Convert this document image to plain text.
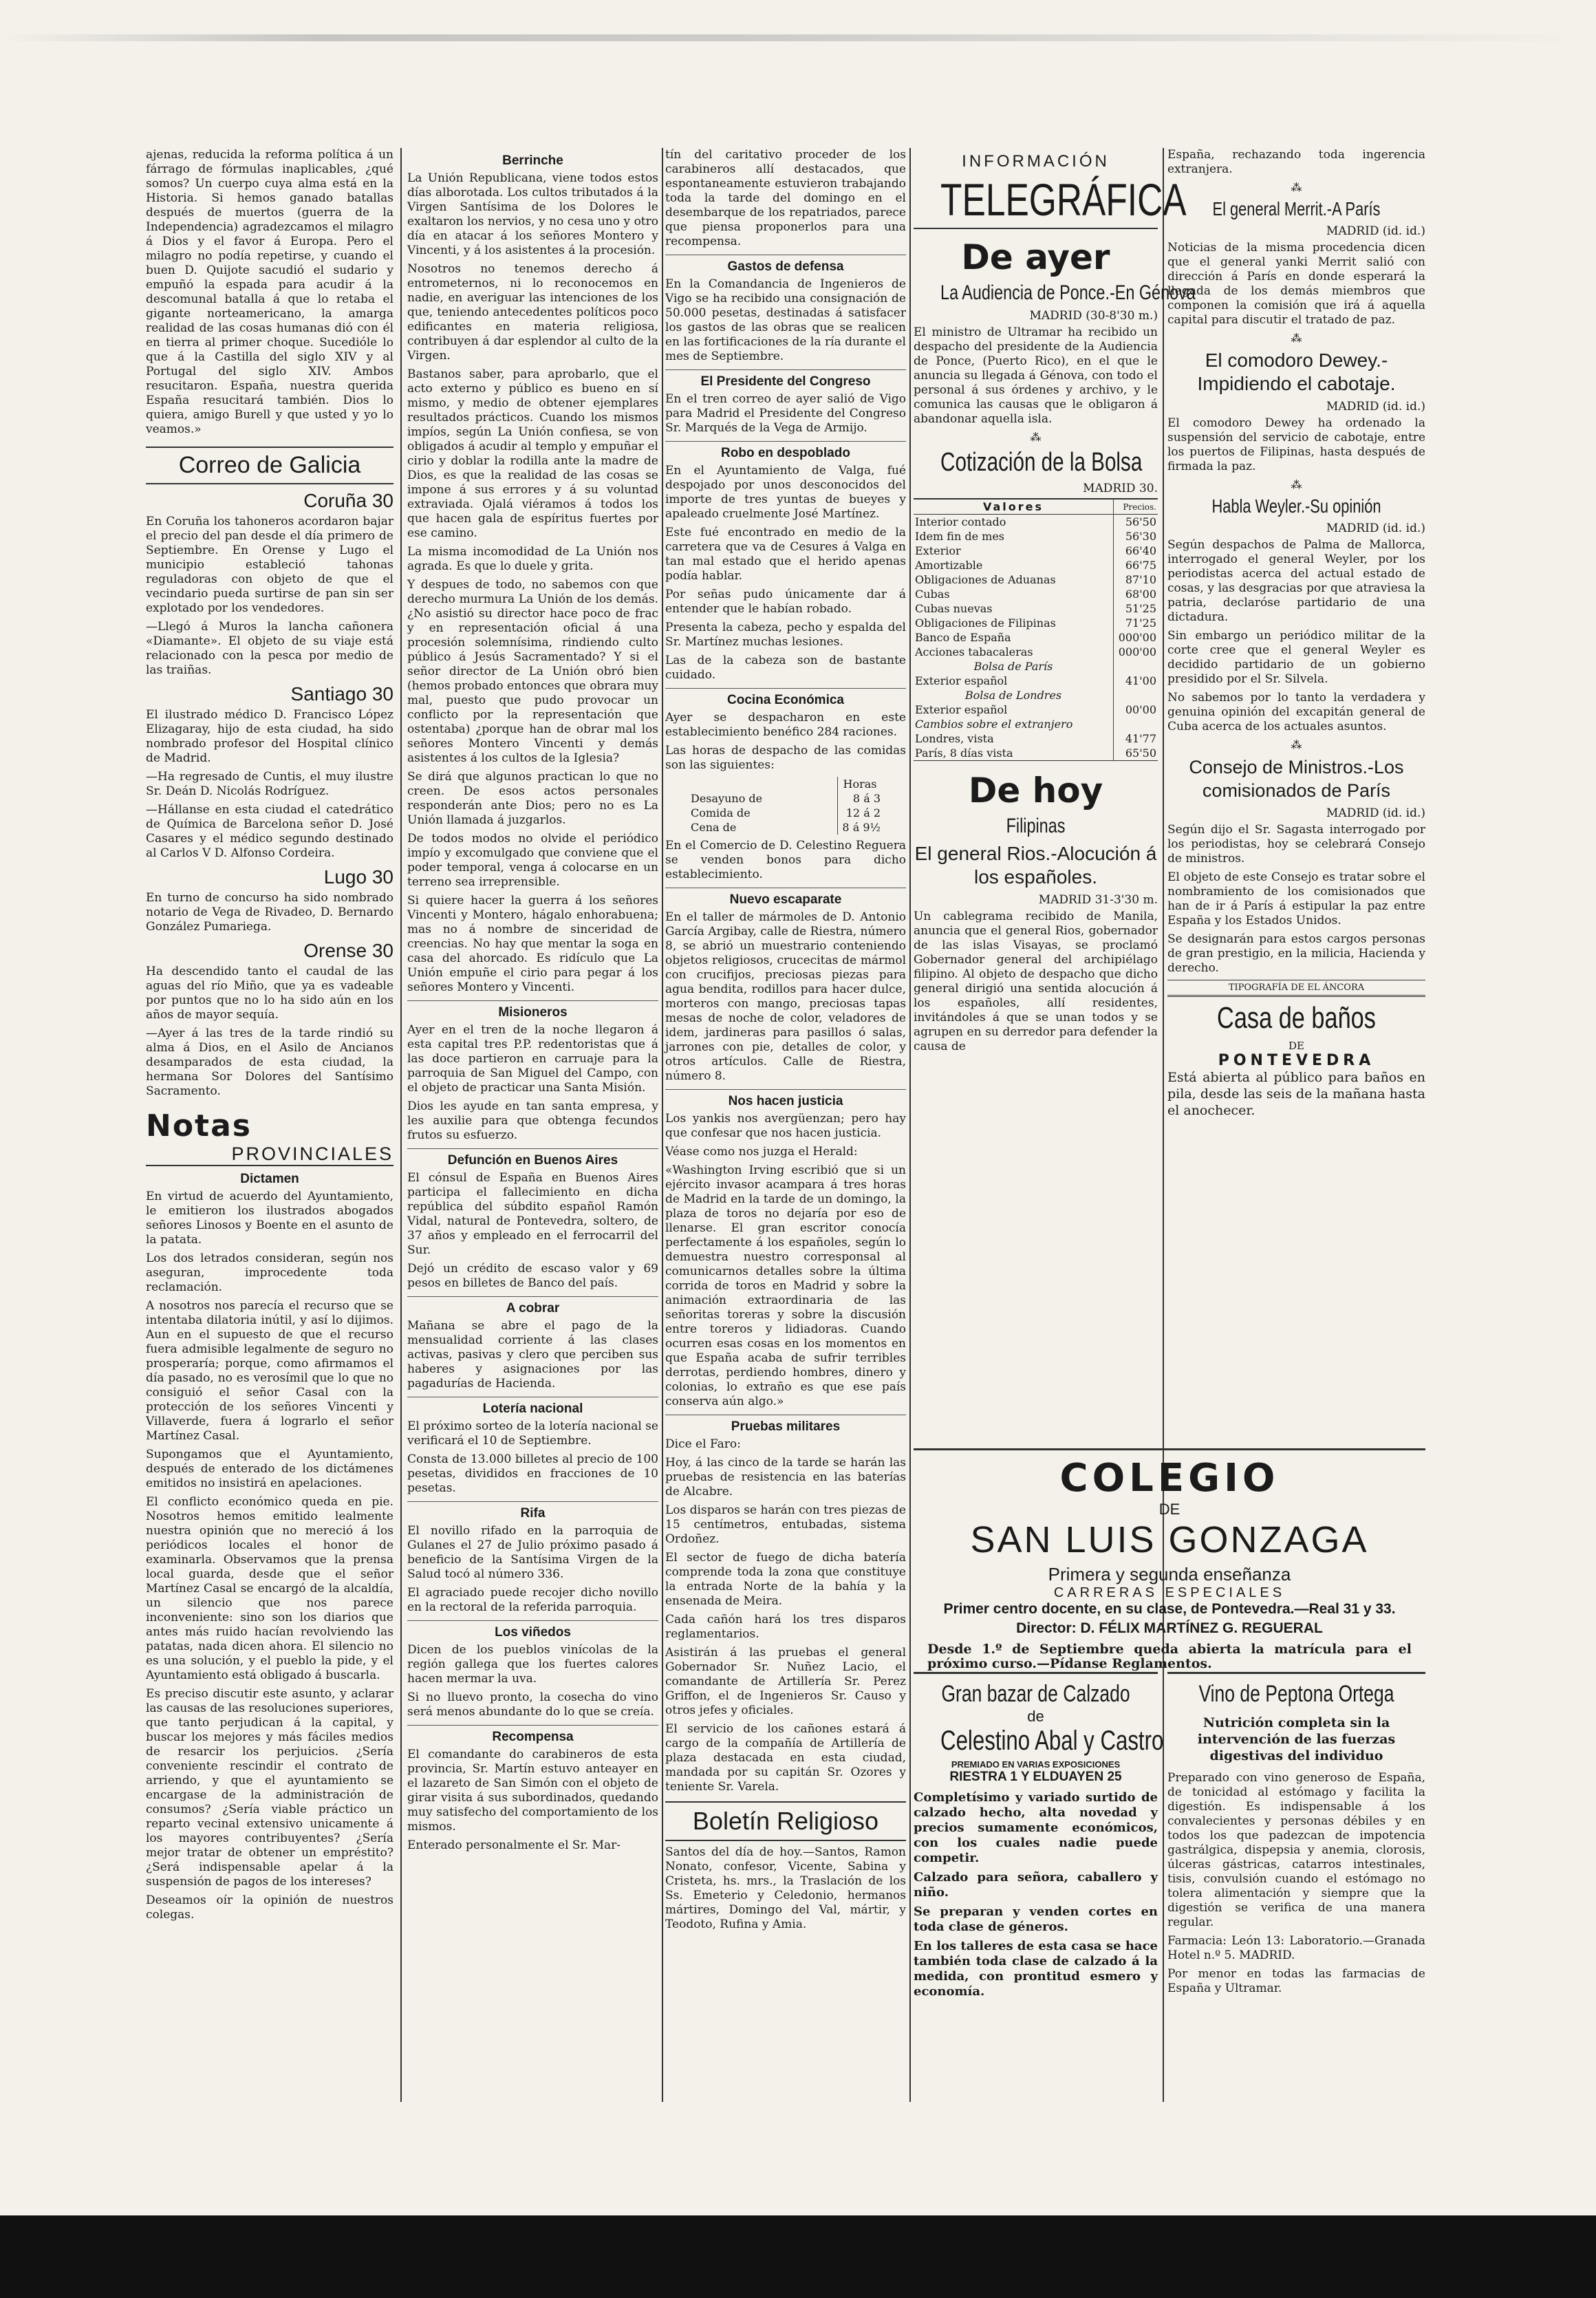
ajenas, reducida la reforma política á un fárrago de fórmulas inaplicables, ¿qué somos? Un cuerpo cuya alma está en la Historia. Si hemos ganado batallas después de muertos (guerra de la Independencia) agradezcamos el milagro á Dios y el favor á Europa. Pero el milagro no podía repetirse, y cuando el buen D. Quijote sacudió el sudario y empuñó la espada para acudir á la descomunal batalla á que lo retaba el gigante norteamericano, la amarga realidad de las cosas humanas dió con él en tierra al primer choque. Sucedióle lo que á la Castilla del siglo XIV y al Portugal del siglo XIV. Ambos resucitaron. España, nuestra querida España resucitará también. Dios lo quiera, amigo Burell y que usted y yo lo veamos.»

Correo de Galicia
Coruña 30

En Coruña los tahoneros acordaron bajar el precio del pan desde el día primero de Septiembre. En Orense y Lugo el municipio estableció tahonas reguladoras con objeto de que el vecindario pueda surtirse de pan sin ser explotado por los vendedores.

—Llegó á Muros la lancha cañonera «Diamante». El objeto de su viaje está relacionado con la pesca por medio de las traiñas.

Santiago 30

El ilustrado médico D. Francisco López Elizagaray, hijo de esta ciudad, ha sido nombrado profesor del Hospital clínico de Madrid.

—Ha regresado de Cuntis, el muy ilustre Sr. Deán D. Nicolás Rodríguez.

—Hállanse en esta ciudad el catedrático de Química de Barcelona señor D. José Casares y el médico segundo destinado al Carlos V D. Alfonso Cordeira.

Lugo 30

En turno de concurso ha sido nombrado notario de Vega de Rivadeo, D. Bernardo González Pumariega.

Orense 30

Ha descendido tanto el caudal de las aguas del río Miño, que ya es vadeable por puntos que no lo ha sido aún en los años de mayor sequía.

—Ayer á las tres de la tarde rindió su alma á Dios, en el Asilo de Ancianos desamparados de esta ciudad, la hermana Sor Dolores del Santísimo Sacramento.

Notas
PROVINCIALES
Dictamen

En virtud de acuerdo del Ayuntamiento, le emitieron los ilustrados abogados señores Linosos y Boente en el asunto de la patata.

Los dos letrados consideran, según nos aseguran, improcedente toda reclamación.

A nosotros nos parecía el recurso que se intentaba dilatoria inútil, y así lo dijimos. Aun en el supuesto de que el recurso fuera admisible legalmente de seguro no prosperaría; porque, como afirmamos el día pasado, no es verosímil que lo que no consiguió el señor Casal con la protección de los señores Vincenti y Villaverde, fuera á lograrlo el señor Martínez Casal.

Supongamos que el Ayuntamiento, después de enterado de los dictámenes emitidos no insistirá en apelaciones.

El conflicto económico queda en pie. Nosotros hemos emitido lealmente nuestra opinión que no mereció á los periódicos locales el honor de examinarla. Observamos que la prensa local guarda, desde que el señor Martínez Casal se encargó de la alcaldía, un silencio que nos parece inconveniente: sino son los diarios que antes más ruido hacían revolviendo las patatas, nada dicen ahora. El silencio no es una solución, y el pueblo la pide, y el Ayuntamiento está obligado á buscarla.

Es preciso discutir este asunto, y aclarar las causas de las resoluciones superiores, que tanto perjudican á la capital, y buscar los mejores y más fáciles medios de resarcir los perjuicios. ¿Sería conveniente rescindir el contrato de arriendo, y que el ayuntamiento se encargase de la administración de consumos? ¿Sería viable práctico un reparto vecinal extensivo unicamente á los mayores contribuyentes? ¿Sería mejor tratar de obtener un empréstito? ¿Será indispensable apelar á la suspensión de pagos de los intereses?

Deseamos oír la opinión de nuestros colegas.

Berrinche

La Unión Republicana, viene todos estos días alborotada. Los cultos tributados á la Virgen Santísima de los Dolores le exaltaron los nervios, y no cesa uno y otro día en atacar á los señores Montero y Vincenti, y á los asistentes á la procesión.

Nosotros no tenemos derecho á entrometernos, ni lo reconocemos en nadie, en averiguar las intenciones de los que, teniendo antecedentes políticos poco edificantes en materia religiosa, contribuyen á dar esplendor al culto de la Virgen.

Bastanos saber, para aprobarlo, que el acto externo y público es bueno en sí mismo, y medio de obtener ejemplares resultados prácticos. Cuando los mismos impíos, según La Unión confiesa, se von obligados á acudir al templo y empuñar el cirio y doblar la rodilla ante la madre de Dios, es que la realidad de las cosas se impone á sus errores y á su voluntad extraviada. Ojalá viéramos á todos los que hacen gala de espíritus fuertes por ese camino.

La misma incomodidad de La Unión nos agrada. Es que lo duele y grita.

Y despues de todo, no sabemos con que derecho murmura La Unión de los demás. ¿No asistió su director hace poco de frac y en representación oficial á una procesión solemnísima, rindiendo culto público á Jesús Sacramentado? Y si el señor director de La Unión obró bien (hemos probado entonces que obrara muy mal, puesto que pudo provocar un conflicto por la representación que ostentaba) ¿porque han de obrar mal los señores Montero Vincenti y demás asistentes á los cultos de la Iglesia?

Se dirá que algunos practican lo que no creen. De esos actos personales responderán ante Dios; pero no es La Unión llamada á juzgarlos.

De todos modos no olvide el periódico impío y excomulgado que conviene que el poder temporal, venga á colocarse en un terreno sea irreprensible.

Si quiere hacer la guerra á los señores Vincenti y Montero, hágalo enhorabuena; mas no á nombre de sinceridad de creencias. No hay que mentar la soga en casa del ahorcado. Es ridículo que La Unión empuñe el cirio para pegar á los señores Montero y Vincenti.

Misioneros

Ayer en el tren de la noche llegaron á esta capital tres P.P. redentoristas que á las doce partieron en carruaje para la parroquia de San Miguel del Campo, con el objeto de practicar una Santa Misión.

Dios les ayude en tan santa empresa, y les auxilie para que obtenga fecundos frutos su esfuerzo.

Defunción en Buenos Aires

El cónsul de España en Buenos Aires participa el fallecimiento en dicha república del súbdito español Ramón Vidal, natural de Pontevedra, soltero, de 37 años y empleado en el ferrocarril del Sur.

Dejó un crédito de escaso valor y 69 pesos en billetes de Banco del país.

A cobrar

Mañana se abre el pago de la mensualidad corriente á las clases activas, pasivas y clero que perciben sus haberes y asignaciones por las pagadurías de Hacienda.

Lotería nacional

El próximo sorteo de la lotería nacional se verificará el 10 de Septiembre.

Consta de 13.000 billetes al precio de 100 pesetas, divididos en fracciones de 10 pesetas.

Rifa

El novillo rifado en la parroquia de Gulanes el 27 de Julio próximo pasado á beneficio de la Santísima Virgen de la Salud tocó al número 336.

El agraciado puede recojer dicho novillo en la rectoral de la referida parroquia.

Los viñedos

Dicen de los pueblos vinícolas de la región gallega que los fuertes calores hacen mermar la uva.

Si no lluevo pronto, la cosecha do vino será menos abundante do lo que se creía.

Recompensa

El comandante do carabineros de esta provincia, Sr. Martín estuvo anteayer en el lazareto de San Simón con el objeto de girar visita á sus subordinados, quedando muy satisfecho del comportamiento de los mismos.

Enterado personalmente el Sr. Mar-

tín del caritativo proceder de los carabineros allí destacados, que espontaneamente estuvieron trabajando toda la tarde del domingo en el desembarque de los repatriados, parece que piensa proponerlos para una recompensa.

Gastos de defensa

En la Comandancia de Ingenieros de Vigo se ha recibido una consignación de 50.000 pesetas, destinadas á satisfacer los gastos de las obras que se realicen en las fortificaciones de la ría durante el mes de Septiembre.

El Presidente del Congreso

En el tren correo de ayer salió de Vigo para Madrid el Presidente del Congreso Sr. Marqués de la Vega de Armijo.

Robo en despoblado

En el Ayuntamiento de Valga, fué despojado por unos desconocidos del importe de tres yuntas de bueyes y apaleado cruelmente José Martínez.

Este fué encontrado en medio de la carretera que va de Cesures á Valga en tan mal estado que el herido apenas podía hablar.

Por señas pudo únicamente dar á entender que le habían robado.

Presenta la cabeza, pecho y espalda del Sr. Martínez muchas lesiones.

Las de la cabeza son de bastante cuidado.

Cocina Económica

Ayer se despacharon en este establecimiento benéfico 284 raciones.

Las horas de despacho de las comidas son las siguientes:

	Horas
Desayuno de	8 á 3
Comida de	12 á 2
Cena de	8 á 9½

En el Comercio de D. Celestino Reguera se venden bonos para dicho establecimiento.

Nuevo escaparate

En el taller de mármoles de D. Antonio García Argibay, calle de Riestra, número 8, se abrió un muestrario conteniendo objetos religiosos, crucecitas de mármol con crucifijos, preciosas piezas para agua bendita, rodillos para hacer dulce, morteros con mango, preciosas tapas mesas de noche de color, veladores de idem, jardineras para pasillos ó salas, jarrones con pie, detalles de color, y otros artículos. Calle de Riestra, número 8.

Nos hacen justicia

Los yankis nos avergüenzan; pero hay que confesar que nos hacen justicia.

Véase como nos juzga el Herald:

«Washington Irving escribió que si un ejército invasor acampara á tres horas de Madrid en la tarde de un domingo, la plaza de toros no dejaría por eso de llenarse. El gran escritor conocía perfectamente á los españoles, según lo demuestra nuestro corresponsal al comunicarnos detalles sobre la última corrida de toros en Madrid y sobre la animación extraordinaria de las señoritas toreras y sobre la discusión entre toreros y lidiadoras. Cuando ocurren esas cosas en los momentos en que España acaba de sufrir terribles derrotas, perdiendo hombres, dinero y colonias, lo extraño es que ese país conserva aún algo.»

Pruebas militares

Dice el Faro:

Hoy, á las cinco de la tarde se harán las pruebas de resistencia en las baterías de Alcabre.

Los disparos se harán con tres piezas de 15 centímetros, entubadas, sistema Ordoñez.

El sector de fuego de dicha batería comprende toda la zona que constituye la entrada Norte de la bahía y la ensenada de Meira.

Cada cañón hará los tres disparos reglamentarios.

Asistirán á las pruebas el general Gobernador Sr. Nuñez Lacio, el comandante de Artillería Sr. Perez Griffon, el de Ingenieros Sr. Causo y otros jefes y oficiales.

El servicio de los cañones estará á cargo de la compañía de Artillería de plaza destacada en esta ciudad, mandada por su capitán Sr. Ozores y teniente Sr. Varela.

Boletín Religioso

Santos del día de hoy.—Santos, Ramon Nonato, confesor, Vicente, Sabina y Cristeta, hs. mrs., la Traslación de los Ss. Emeterio y Celedonio, hermanos mártires, Domingo del Val, mártir, y Teodoto, Rufina y Amia.

INFORMACIÓN
TELEGRÁFICA
De ayer
La Audiencia de Ponce.-En Génova
MADRID (30-8'30 m.)

El ministro de Ultramar ha recibido un despacho del presidente de la Audiencia de Ponce, (Puerto Rico), en el que le anuncia su llegada á Génova, con todo el personal á sus órdenes y archivo, y le comunica las causas que le obligaron á abandonar aquella isla.

⁂
Cotización de la Bolsa
MADRID 30.
Valores	Precios.
Interior contado	56'50
Idem fin de mes	56'30
Exterior	66'40
Amortizable	66'75
Obligaciones de Aduanas	87'10
Cubas	68'00
Cubas nuevas	51'25
Obligaciones de Filipinas	71'25
Banco de España	000'00
Acciones tabacaleras	000'00
Bolsa de París	
Exterior español	41'00
Bolsa de Londres	
Exterior español	00'00
Cambios sobre el extranjero	
Londres, vista	41'77
París, 8 días vista	65'50
De hoy
Filipinas
El general Rios.-Alocución á los españoles.
MADRID 31-3'30 m.

Un cablegrama recibido de Manila, anuncia que el general Rios, gobernador de las islas Visayas, se proclamó Gobernador general del archipiélago filipino. Al objeto de despacho que dicho general dirigió una sentida alocución á los españoles, allí residentes, invitándoles á que se unan todos y se agrupen en su derredor para defender la causa de

España, rechazando toda ingerencia extranjera.

⁂
El general Merrit.-A París
MADRID (id. id.)

Noticias de la misma procedencia dicen que el general yanki Merrit salió con dirección á París en donde esperará la llegada de los demás miembros que componen la comisión que irá á aquella capital para discutir el tratado de paz.

⁂
El comodoro Dewey.-Impidiendo el cabotaje.
MADRID (id. id.)

El comodoro Dewey ha ordenado la suspensión del servicio de cabotaje, entre los puertos de Filipinas, hasta después de firmada la paz.

⁂
Habla Weyler.-Su opinión
MADRID (id. id.)

Según despachos de Palma de Mallorca, interrogado el general Weyler, por los periodistas acerca del actual estado de cosas, y las desgracias por que atraviesa la patria, declaróse partidario de una dictadura.

Sin embargo un periódico militar de la corte cree que el general Weyler es decidido partidario de un gobierno presidido por el Sr. Silvela.

No sabemos por lo tanto la verdadera y genuina opinión del excapitán general de Cuba acerca de los actuales asuntos.

⁂
Consejo de Ministros.-Los comisionados de París
MADRID (id. id.)

Según dijo el Sr. Sagasta interrogado por los periodistas, hoy se celebrará Consejo de ministros.

El objeto de este Consejo es tratar sobre el nombramiento de los comisionados que han de ir á París á estipular la paz entre España y los Estados Unidos.

Se designarán para estos cargos personas de gran prestigio, en la milicia, Hacienda y derecho.

TIPOGRAFÍA DE EL ÁNCORA
Casa de baños
DE
PONTEVEDRA

Está abierta al público para baños en pila, desde las seis de la mañana hasta el anochecer.

COLEGIO
DE
SAN LUIS GONZAGA
Primera y segunda enseñanza
CARRERAS ESPECIALES
Primer centro docente, en su clase, de Pontevedra.—Real 31 y 33.
Director: D. FÉLIX MARTÍNEZ G. REGUERAL

Desde 1.º de Septiembre queda abierta la matrícula para el próximo curso.—Pídanse Reglamentos.

Gran bazar de Calzado
de
Celestino Abal y Castro
PREMIADO EN VARIAS EXPOSICIONES
RIESTRA 1 Y ELDUAYEN 25

Completísimo y variado surtido de calzado hecho, alta novedad y precios sumamente económicos, con los cuales nadie puede competir.

Calzado para señora, caballero y niño.

Se preparan y venden cortes en toda clase de géneros.

En los talleres de esta casa se hace también toda clase de calzado á la medida, con prontitud esmero y economía.

Vino de Peptona Ortega

Nutrición completa sin la intervención de las fuerzas digestivas del individuo

Preparado con vino generoso de España, de tonicidad al estómago y facilita la digestión. Es indispensable á los convalecientes y personas débiles y en todos los que padezcan de impotencia gastrálgica, dispepsia y anemia, clorosis, úlceras gástricas, catarros intestinales, tisis, convulsión cuando el estómago no tolera alimentación y siempre que la digestión se verifica de una manera regular.

Farmacia: León 13: Laboratorio.—Granada Hotel n.º 5. MADRID.

Por menor en todas las farmacias de España y Ultramar.
